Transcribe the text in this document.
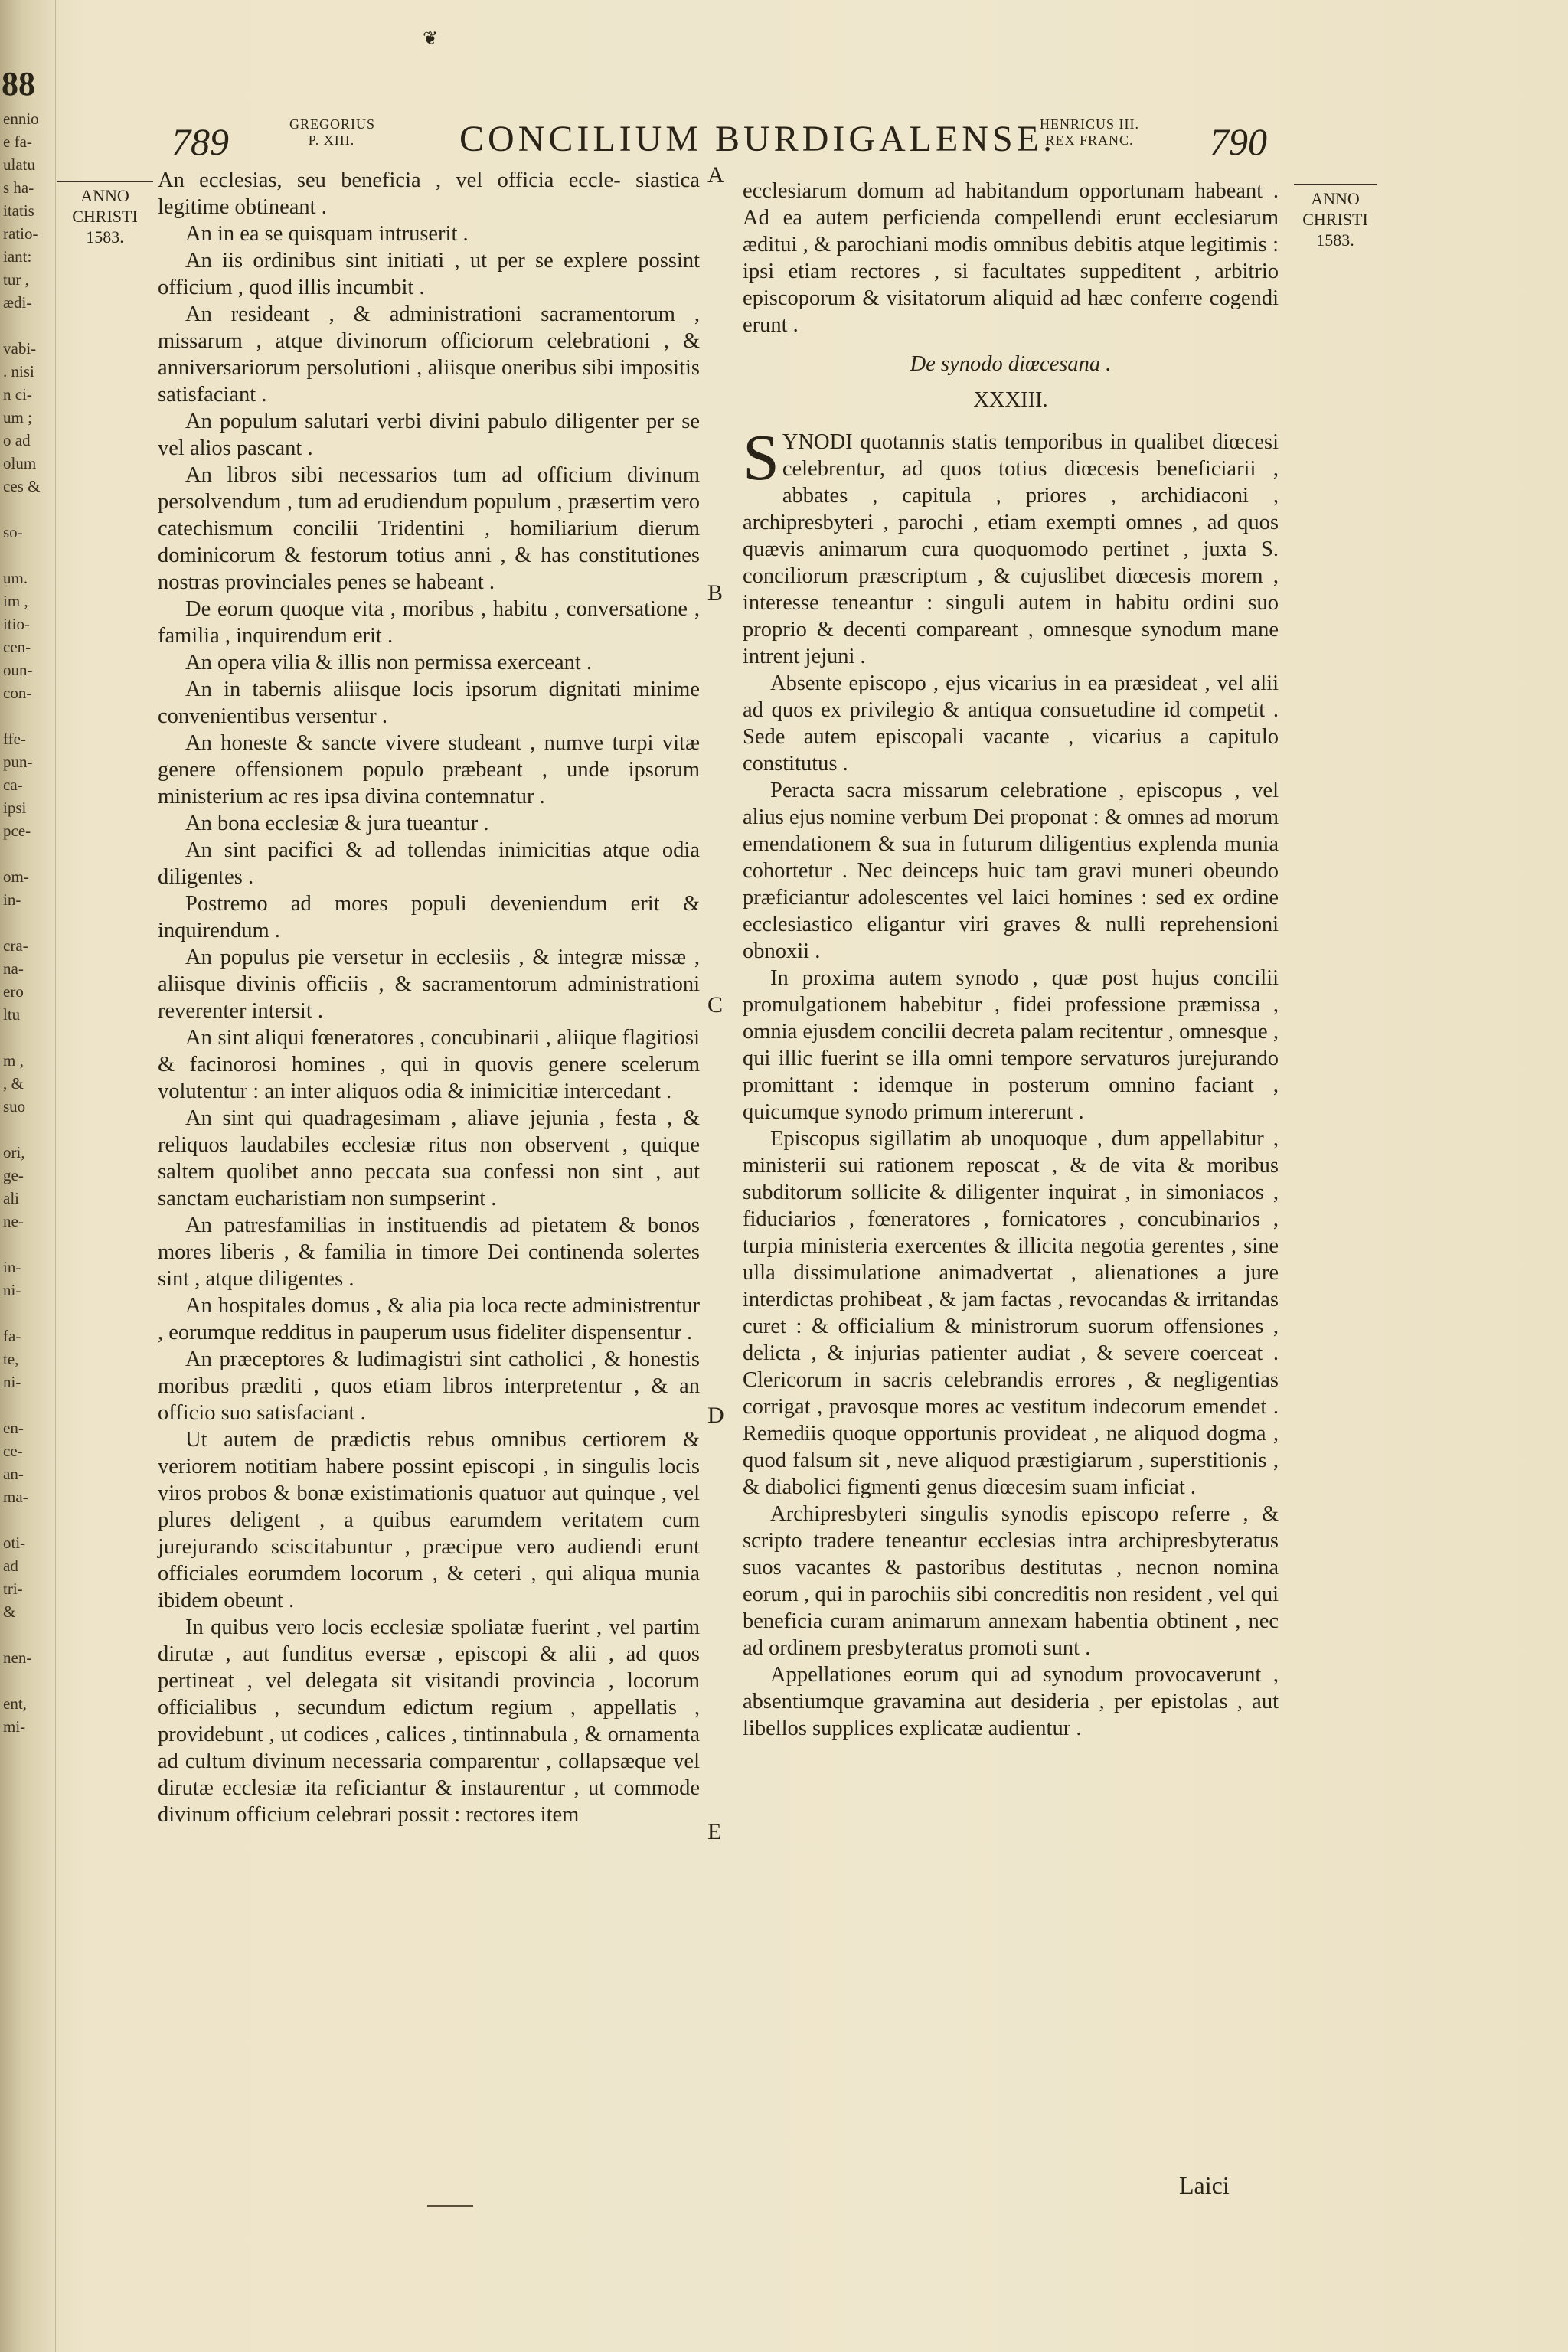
88
ennio
e fa-
ulatu
s ha-
itatis
ratio-
iant:
tur ,
ædi-
vabi-
. nisi
n ci-
um ;
o ad
olum
ces &
so-
um.
im ,
itio-
cen-
oun-
con-
ffe-
pun-
ca-
ipsi
pce-
om-
in-
cra-
na-
ero
ltu
m ,
, &
suo
ori,
ge-
ali
ne-
in-
ni-
fa-
te,
ni-
en-
ce-
an-
ma-
oti-
ad
tri-
&
nen-
ent,
mi-
❦
789	GREGORIUS
P. XIII.	CONCILIUM BURDIGALENSE.
HENRICUS III.
REX FRANC.	790
ANNO
CHRISTI
1583.
ANNO
CHRISTI
1583.
A
B
C
D
E

An ecclesias, seu beneficia , vel officia eccle- siastica legitime obtineant .

An in ea se quisquam intruserit .

An iis ordinibus sint initiati , ut per se explere possint officium , quod illis incumbit .

An resideant , & administrationi sacramentorum , missarum , atque divinorum officiorum celebrationi , & anniversariorum persolutioni , aliisque oneribus sibi impositis satisfaciant .

An populum salutari verbi divini pabulo diligenter per se vel alios pascant .

An libros sibi necessarios tum ad officium divinum persolvendum , tum ad erudiendum populum , præsertim vero catechismum concilii Tridentini , homiliarium dierum dominicorum & festorum totius anni , & has constitutiones nostras provinciales penes se habeant .

De eorum quoque vita , moribus , habitu , conversatione , familia , inquirendum erit .

An opera vilia & illis non permissa exerceant .

An in tabernis aliisque locis ipsorum dignitati minime convenientibus versentur .

An honeste & sancte vivere studeant , numve turpi vitæ genere offensionem populo præbeant , unde ipsorum ministerium ac res ipsa divina contemnatur .

An bona ecclesiæ & jura tueantur .

An sint pacifici & ad tollendas inimicitias atque odia diligentes .

Postremo ad mores populi deveniendum erit & inquirendum .

An populus pie versetur in ecclesiis , & integræ missæ , aliisque divinis officiis , & sacramentorum administrationi reverenter intersit .

An sint aliqui fœneratores , concubinarii , aliique flagitiosi & facinorosi homines , qui in quovis genere scelerum volutentur : an inter aliquos odia & inimicitiæ intercedant .

An sint qui quadragesimam , aliave jejunia , festa , & reliquos laudabiles ecclesiæ ritus non observent , quique saltem quolibet anno peccata sua confessi non sint , aut sanctam eucharistiam non sumpserint .

An patresfamilias in instituendis ad pietatem & bonos mores liberis , & familia in timore Dei continenda solertes sint , atque diligentes .

An hospitales domus , & alia pia loca recte administrentur , eorumque redditus in pauperum usus fideliter dispensentur .

An præceptores & ludimagistri sint catholici , & honestis moribus præditi , quos etiam libros interpretentur , & an officio suo satisfaciant .

Ut autem de prædictis rebus omnibus certiorem & veriorem notitiam habere possint episcopi , in singulis locis viros probos & bonæ existimationis quatuor aut quinque , vel plures deligent , a quibus earumdem veritatem cum jurejurando sciscitabuntur , præcipue vero audiendi erunt officiales eorumdem locorum , & ceteri , qui aliqua munia ibidem obeunt .

In quibus vero locis ecclesiæ spoliatæ fuerint , vel partim dirutæ , aut funditus eversæ , episcopi & alii , ad quos pertineat , vel delegata sit visitandi provincia , locorum officialibus , secundum edictum regium , appellatis , providebunt , ut codices , calices , tintinnabula , & ornamenta ad cultum divinum necessaria comparentur , collapsæque vel dirutæ ecclesiæ ita reficiantur & instaurentur , ut commode divinum officium celebrari possit : rectores item

ecclesiarum domum ad habitandum opportunam habeant . Ad ea autem perficienda compellendi erunt ecclesiarum æditui , & parochiani modis omnibus debitis atque legitimis : ipsi etiam rectores , si facultates suppeditent , arbitrio episcoporum & visitatorum aliquid ad hæc conferre cogendi erunt .

De synodo diœcesana .
XXXIII.

SYNODI quotannis statis temporibus in qualibet diœcesi celebrentur, ad quos totius diœcesis beneficiarii , abbates , capitula , priores , archidiaconi , archipresbyteri , parochi , etiam exempti omnes , ad quos quævis animarum cura quoquomodo pertinet , juxta S. conciliorum præscriptum , & cujuslibet diœcesis morem , interesse teneantur : singuli autem in habitu ordini suo proprio & decenti compareant , omnesque synodum mane intrent jejuni .

Absente episcopo , ejus vicarius in ea præsideat , vel alii ad quos ex privilegio & antiqua consuetudine id competit . Sede autem episcopali vacante , vicarius a capitulo constitutus .

Peracta sacra missarum celebratione , episcopus , vel alius ejus nomine verbum Dei proponat : & omnes ad morum emendationem & sua in futurum diligentius explenda munia cohortetur . Nec deinceps huic tam gravi muneri obeundo præficiantur adolescentes vel laici homines : sed ex ordine ecclesiastico eligantur viri graves & nulli reprehensioni obnoxii .

In proxima autem synodo , quæ post hujus concilii promulgationem habebitur , fidei professione præmissa , omnia ejusdem concilii decreta palam recitentur , omnesque , qui illic fuerint se illa omni tempore servaturos jurejurando promittant : idemque in posterum omnino faciant , quicumque synodo primum intererunt .

Episcopus sigillatim ab unoquoque , dum appellabitur , ministerii sui rationem reposcat , & de vita & moribus subditorum sollicite & diligenter inquirat , in simoniacos , fiduciarios , fœneratores , fornicatores , concubinarios , turpia ministeria exercentes & illicita negotia gerentes , sine ulla dissimulatione animadvertat , alienationes a jure interdictas prohibeat , & jam factas , revocandas & irritandas curet : & officialium & ministrorum suorum offensiones , delicta , & injurias patienter audiat , & severe coerceat . Clericorum in sacris celebrandis errores , & negligentias corrigat , pravosque mores ac vestitum indecorum emendet . Remediis quoque opportunis provideat , ne aliquod dogma , quod falsum sit , neve aliquod præstigiarum , superstitionis , & diabolici figmenti genus diœcesim suam inficiat .

Archipresbyteri singulis synodis episcopo referre , & scripto tradere teneantur ecclesias intra archipresbyteratus suos vacantes & pastoribus destitutas , necnon nomina eorum , qui in parochiis sibi concreditis non resident , vel qui beneficia curam animarum annexam habentia obtinent , nec ad ordinem presbyteratus promoti sunt .

Appellationes eorum qui ad synodum provocaverunt , absentiumque gravamina aut desideria , per epistolas , aut libellos supplices explicatæ audientur .

Laici
